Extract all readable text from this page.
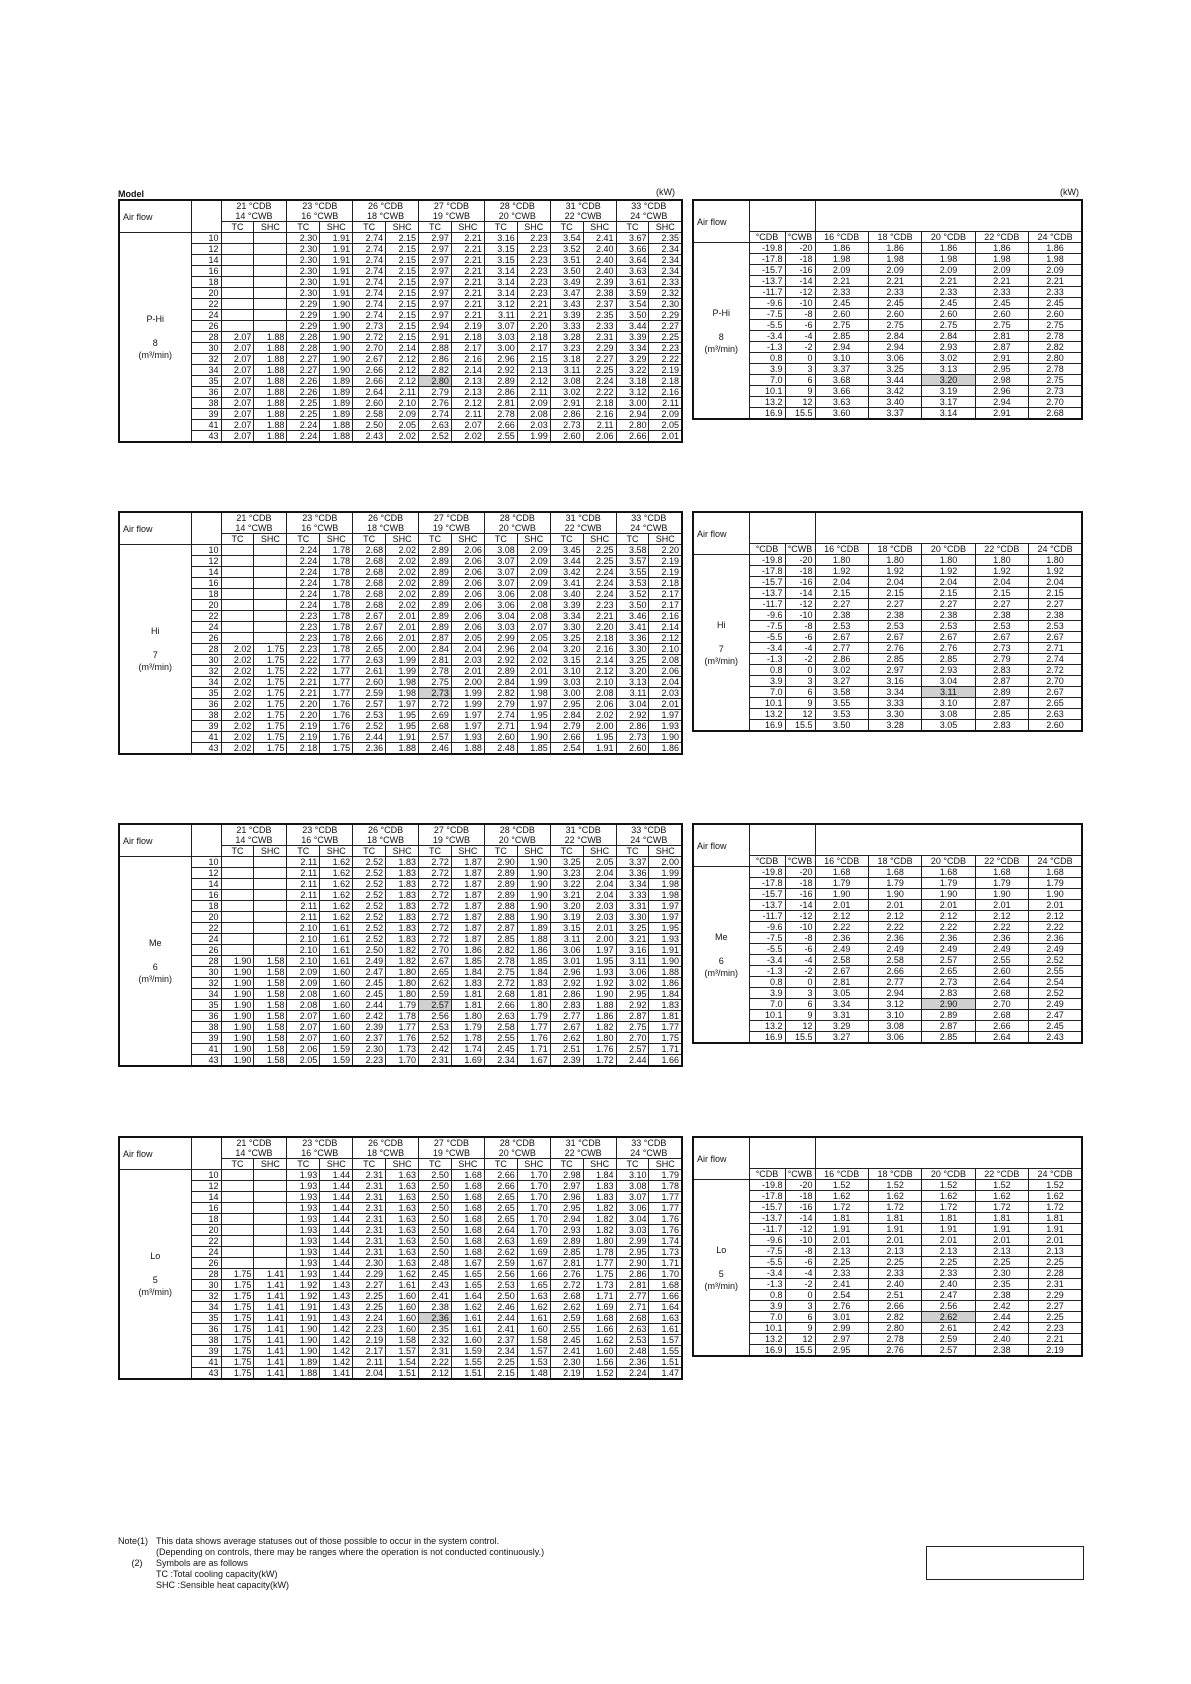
Model	(kW)	(kW)
Air flow		21 °CDB		23 °CDB		26 °CDB		27 °CDB		28 °CDB		31 °CDB		33 °CDB	
		14 °CWB		16 °CWB		18 °CWB		19 °CWB		20 °CWB		22 °CWB		24 °CWB	
		TC	SHC	TC	SHC	TC	SHC	TC	SHC	TC	SHC	TC	SHC	TC	SHC

P-Hi

8
(m³/min)	10			2.30	1.91	2.74	2.15	2.97	2.21	3.16	2.23	3.54	2.41	3.67	2.35
	12			2.30	1.91	2.74	2.15	2.97	2.21	3.15	2.23	3.52	2.40	3.66	2.34
	14			2.30	1.91	2.74	2.15	2.97	2.21	3.15	2.23	3.51	2.40	3.64	2.34
	16			2.30	1.91	2.74	2.15	2.97	2.21	3.14	2.23	3.50	2.40	3.63	2.34
	18			2.30	1.91	2.74	2.15	2.97	2.21	3.14	2.23	3.49	2.39	3.61	2.33
	20			2.30	1.91	2.74	2.15	2.97	2.21	3.14	2.23	3.47	2.38	3.59	2.32
	22			2.29	1.90	2.74	2.15	2.97	2.21	3.12	2.21	3.43	2.37	3.54	2.30
	24			2.29	1.90	2.74	2.15	2.97	2.21	3.11	2.21	3.39	2.35	3.50	2.29
	26			2.29	1.90	2.73	2.15	2.94	2.19	3.07	2.20	3.33	2.33	3.44	2.27
	28	2.07	1.88	2.28	1.90	2.72	2.15	2.91	2.18	3.03	2.18	3.28	2.31	3.39	2.25
	30	2.07	1.88	2.28	1.90	2.70	2.14	2.88	2.17	3.00	2.17	3.23	2.29	3.34	2.23
	32	2.07	1.88	2.27	1.90	2.67	2.12	2.86	2.16	2.96	2.15	3.18	2.27	3.29	2.22
	34	2.07	1.88	2.27	1.90	2.66	2.12	2.82	2.14	2.92	2.13	3.11	2.25	3.22	2.19
	35	2.07	1.88	2.26	1.89	2.66	2.12	2.80	2.13	2.89	2.12	3.08	2.24	3.18	2.18
	36	2.07	1.88	2.26	1.89	2.64	2.11	2.79	2.13	2.86	2.11	3.02	2.22	3.12	2.16
	38	2.07	1.88	2.25	1.89	2.60	2.10	2.76	2.12	2.81	2.09	2.91	2.18	3.00	2.11
	39	2.07	1.88	2.25	1.89	2.58	2.09	2.74	2.11	2.78	2.08	2.86	2.16	2.94	2.09
	41	2.07	1.88	2.24	1.88	2.50	2.05	2.63	2.07	2.66	2.03	2.73	2.11	2.80	2.05
	43	2.07	1.88	2.24	1.88	2.43	2.02	2.52	2.02	2.55	1.99	2.60	2.06	2.66	2.01
Air flow							
	°CDB	°CWB	16 °CDB	18 °CDB	20 °CDB	22 °CDB	24 °CDB

P-Hi

8
(m³/min)	-19.8	-20	1.86	1.86	1.86	1.86	1.86
	-17.8	-18	1.98	1.98	1.98	1.98	1.98
	-15.7	-16	2.09	2.09	2.09	2.09	2.09
	-13.7	-14	2.21	2.21	2.21	2.21	2.21
	-11.7	-12	2.33	2.33	2.33	2.33	2.33
	-9.6	-10	2.45	2.45	2.45	2.45	2.45
	-7.5	-8	2.60	2.60	2.60	2.60	2.60
	-5.5	-6	2.75	2.75	2.75	2.75	2.75
	-3.4	-4	2.85	2.84	2.84	2.81	2.78
	-1.3	-2	2.94	2.94	2.93	2.87	2.82
	0.8	0	3.10	3.06	3.02	2.91	2.80
	3.9	3	3.37	3.25	3.13	2.95	2.78
	7.0	6	3.68	3.44	3.20	2.98	2.75
	10.1	9	3.66	3.42	3.19	2.96	2.73
	13.2	12	3.63	3.40	3.17	2.94	2.70
	16.9	15.5	3.60	3.37	3.14	2.91	2.68
Air flow		21 °CDB		23 °CDB		26 °CDB		27 °CDB		28 °CDB		31 °CDB		33 °CDB	
		14 °CWB		16 °CWB		18 °CWB		19 °CWB		20 °CWB		22 °CWB		24 °CWB	
		TC	SHC	TC	SHC	TC	SHC	TC	SHC	TC	SHC	TC	SHC	TC	SHC

Hi

7
(m³/min)	10			2.24	1.78	2.68	2.02	2.89	2.06	3.08	2.09	3.45	2.25	3.58	2.20
	12			2.24	1.78	2.68	2.02	2.89	2.06	3.07	2.09	3.44	2.25	3.57	2.19
	14			2.24	1.78	2.68	2.02	2.89	2.06	3.07	2.09	3.42	2.24	3.55	2.19
	16			2.24	1.78	2.68	2.02	2.89	2.06	3.07	2.09	3.41	2.24	3.53	2.18
	18			2.24	1.78	2.68	2.02	2.89	2.06	3.06	2.08	3.40	2.24	3.52	2.17
	20			2.24	1.78	2.68	2.02	2.89	2.06	3.06	2.08	3.39	2.23	3.50	2.17
	22			2.23	1.78	2.67	2.01	2.89	2.06	3.04	2.08	3.34	2.21	3.46	2.16
	24			2.23	1.78	2.67	2.01	2.89	2.06	3.03	2.07	3.30	2.20	3.41	2.14
	26			2.23	1.78	2.66	2.01	2.87	2.05	2.99	2.05	3.25	2.18	3.36	2.12
	28	2.02	1.75	2.23	1.78	2.65	2.00	2.84	2.04	2.96	2.04	3.20	2.16	3.30	2.10
	30	2.02	1.75	2.22	1.77	2.63	1.99	2.81	2.03	2.92	2.02	3.15	2.14	3.25	2.08
	32	2.02	1.75	2.22	1.77	2.61	1.99	2.78	2.01	2.89	2.01	3.10	2.12	3.20	2.06
	34	2.02	1.75	2.21	1.77	2.60	1.98	2.75	2.00	2.84	1.99	3.03	2.10	3.13	2.04
	35	2.02	1.75	2.21	1.77	2.59	1.98	2.73	1.99	2.82	1.98	3.00	2.08	3.11	2.03
	36	2.02	1.75	2.20	1.76	2.57	1.97	2.72	1.99	2.79	1.97	2.95	2.06	3.04	2.01
	38	2.02	1.75	2.20	1.76	2.53	1.95	2.69	1.97	2.74	1.95	2.84	2.02	2.92	1.97
	39	2.02	1.75	2.19	1.76	2.52	1.95	2.68	1.97	2.71	1.94	2.79	2.00	2.86	1.93
	41	2.02	1.75	2.19	1.76	2.44	1.91	2.57	1.93	2.60	1.90	2.66	1.95	2.73	1.90
	43	2.02	1.75	2.18	1.75	2.36	1.88	2.46	1.88	2.48	1.85	2.54	1.91	2.60	1.86
Air flow							
	°CDB	°CWB	16 °CDB	18 °CDB	20 °CDB	22 °CDB	24 °CDB

Hi

7
(m³/min)	-19.8	-20	1.80	1.80	1.80	1.80	1.80
	-17.8	-18	1.92	1.92	1.92	1.92	1.92
	-15.7	-16	2.04	2.04	2.04	2.04	2.04
	-13.7	-14	2.15	2.15	2.15	2.15	2.15
	-11.7	-12	2.27	2.27	2.27	2.27	2.27
	-9.6	-10	2.38	2.38	2.38	2.38	2.38
	-7.5	-8	2.53	2.53	2.53	2.53	2.53
	-5.5	-6	2.67	2.67	2.67	2.67	2.67
	-3.4	-4	2.77	2.76	2.76	2.73	2.71
	-1.3	-2	2.86	2.85	2.85	2.79	2.74
	0.8	0	3.02	2.97	2.93	2.83	2.72
	3.9	3	3.27	3.16	3.04	2.87	2.70
	7.0	6	3.58	3.34	3.11	2.89	2.67
	10.1	9	3.55	3.33	3.10	2.87	2.65
	13.2	12	3.53	3.30	3.08	2.85	2.63
	16.9	15.5	3.50	3.28	3.05	2.83	2.60
Air flow		21 °CDB		23 °CDB		26 °CDB		27 °CDB		28 °CDB		31 °CDB		33 °CDB	
		14 °CWB		16 °CWB		18 °CWB		19 °CWB		20 °CWB		22 °CWB		24 °CWB	
		TC	SHC	TC	SHC	TC	SHC	TC	SHC	TC	SHC	TC	SHC	TC	SHC

Me

6
(m³/min)	10			2.11	1.62	2.52	1.83	2.72	1.87	2.90	1.90	3.25	2.05	3.37	2.00
	12			2.11	1.62	2.52	1.83	2.72	1.87	2.89	1.90	3.23	2.04	3.36	1.99
	14			2.11	1.62	2.52	1.83	2.72	1.87	2.89	1.90	3.22	2.04	3.34	1.98
	16			2.11	1.62	2.52	1.83	2.72	1.87	2.89	1.90	3.21	2.04	3.33	1.98
	18			2.11	1.62	2.52	1.83	2.72	1.87	2.88	1.90	3.20	2.03	3.31	1.97
	20			2.11	1.62	2.52	1.83	2.72	1.87	2.88	1.90	3.19	2.03	3.30	1.97
	22			2.10	1.61	2.52	1.83	2.72	1.87	2.87	1.89	3.15	2.01	3.25	1.95
	24			2.10	1.61	2.52	1.83	2.72	1.87	2.85	1.88	3.11	2.00	3.21	1.93
	26			2.10	1.61	2.50	1.82	2.70	1.86	2.82	1.86	3.06	1.97	3.16	1.91
	28	1.90	1.58	2.10	1.61	2.49	1.82	2.67	1.85	2.78	1.85	3.01	1.95	3.11	1.90
	30	1.90	1.58	2.09	1.60	2.47	1.80	2.65	1.84	2.75	1.84	2.96	1.93	3.06	1.88
	32	1.90	1.58	2.09	1.60	2.45	1.80	2.62	1.83	2.72	1.83	2.92	1.92	3.02	1.86
	34	1.90	1.58	2.08	1.60	2.45	1.80	2.59	1.81	2.68	1.81	2.86	1.90	2.95	1.84
	35	1.90	1.58	2.08	1.60	2.44	1.79	2.57	1.81	2.66	1.80	2.83	1.88	2.92	1.83
	36	1.90	1.58	2.07	1.60	2.42	1.78	2.56	1.80	2.63	1.79	2.77	1.86	2.87	1.81
	38	1.90	1.58	2.07	1.60	2.39	1.77	2.53	1.79	2.58	1.77	2.67	1.82	2.75	1.77
	39	1.90	1.58	2.07	1.60	2.37	1.76	2.52	1.78	2.55	1.76	2.62	1.80	2.70	1.75
	41	1.90	1.58	2.06	1.59	2.30	1.73	2.42	1.74	2.45	1.71	2.51	1.76	2.57	1.71
	43	1.90	1.58	2.05	1.59	2.23	1.70	2.31	1.69	2.34	1.67	2.39	1.72	2.44	1.66
Air flow							
	°CDB	°CWB	16 °CDB	18 °CDB	20 °CDB	22 °CDB	24 °CDB

Me

6
(m³/min)	-19.8	-20	1.68	1.68	1.68	1.68	1.68
	-17.8	-18	1.79	1.79	1.79	1.79	1.79
	-15.7	-16	1.90	1.90	1.90	1.90	1.90
	-13.7	-14	2.01	2.01	2.01	2.01	2.01
	-11.7	-12	2.12	2.12	2.12	2.12	2.12
	-9.6	-10	2.22	2.22	2.22	2.22	2.22
	-7.5	-8	2.36	2.36	2.36	2.36	2.36
	-5.5	-6	2.49	2.49	2.49	2.49	2.49
	-3.4	-4	2.58	2.58	2.57	2.55	2.52
	-1.3	-2	2.67	2.66	2.65	2.60	2.55
	0.8	0	2.81	2.77	2.73	2.64	2.54
	3.9	3	3.05	2.94	2.83	2.68	2.52
	7.0	6	3.34	3.12	2.90	2.70	2.49
	10.1	9	3.31	3.10	2.89	2.68	2.47
	13.2	12	3.29	3.08	2.87	2.66	2.45
	16.9	15.5	3.27	3.06	2.85	2.64	2.43
Air flow		21 °CDB		23 °CDB		26 °CDB		27 °CDB		28 °CDB		31 °CDB		33 °CDB	
		14 °CWB		16 °CWB		18 °CWB		19 °CWB		20 °CWB		22 °CWB		24 °CWB	
		TC	SHC	TC	SHC	TC	SHC	TC	SHC	TC	SHC	TC	SHC	TC	SHC

Lo

5
(m³/min)	10			1.93	1.44	2.31	1.63	2.50	1.68	2.66	1.70	2.98	1.84	3.10	1.79
	12			1.93	1.44	2.31	1.63	2.50	1.68	2.66	1.70	2.97	1.83	3.08	1.78
	14			1.93	1.44	2.31	1.63	2.50	1.68	2.65	1.70	2.96	1.83	3.07	1.77
	16			1.93	1.44	2.31	1.63	2.50	1.68	2.65	1.70	2.95	1.82	3.06	1.77
	18			1.93	1.44	2.31	1.63	2.50	1.68	2.65	1.70	2.94	1.82	3.04	1.76
	20			1.93	1.44	2.31	1.63	2.50	1.68	2.64	1.70	2.93	1.82	3.03	1.76
	22			1.93	1.44	2.31	1.63	2.50	1.68	2.63	1.69	2.89	1.80	2.99	1.74
	24			1.93	1.44	2.31	1.63	2.50	1.68	2.62	1.69	2.85	1.78	2.95	1.73
	26			1.93	1.44	2.30	1.63	2.48	1.67	2.59	1.67	2.81	1.77	2.90	1.71
	28	1.75	1.41	1.93	1.44	2.29	1.62	2.45	1.65	2.56	1.66	2.76	1.75	2.86	1.70
	30	1.75	1.41	1.92	1.43	2.27	1.61	2.43	1.65	2.53	1.65	2.72	1.73	2.81	1.68
	32	1.75	1.41	1.92	1.43	2.25	1.60	2.41	1.64	2.50	1.63	2.68	1.71	2.77	1.66
	34	1.75	1.41	1.91	1.43	2.25	1.60	2.38	1.62	2.46	1.62	2.62	1.69	2.71	1.64
	35	1.75	1.41	1.91	1.43	2.24	1.60	2.36	1.61	2.44	1.61	2.59	1.68	2.68	1.63
	36	1.75	1.41	1.90	1.42	2.23	1.60	2.35	1.61	2.41	1.60	2.55	1.66	2.63	1.61
	38	1.75	1.41	1.90	1.42	2.19	1.58	2.32	1.60	2.37	1.58	2.45	1.62	2.53	1.57
	39	1.75	1.41	1.90	1.42	2.17	1.57	2.31	1.59	2.34	1.57	2.41	1.60	2.48	1.55
	41	1.75	1.41	1.89	1.42	2.11	1.54	2.22	1.55	2.25	1.53	2.30	1.56	2.36	1.51
	43	1.75	1.41	1.88	1.41	2.04	1.51	2.12	1.51	2.15	1.48	2.19	1.52	2.24	1.47
Air flow							
	°CDB	°CWB	16 °CDB	18 °CDB	20 °CDB	22 °CDB	24 °CDB

Lo

5
(m³/min)	-19.8	-20	1.52	1.52	1.52	1.52	1.52
	-17.8	-18	1.62	1.62	1.62	1.62	1.62
	-15.7	-16	1.72	1.72	1.72	1.72	1.72
	-13.7	-14	1.81	1.81	1.81	1.81	1.81
	-11.7	-12	1.91	1.91	1.91	1.91	1.91
	-9.6	-10	2.01	2.01	2.01	2.01	2.01
	-7.5	-8	2.13	2.13	2.13	2.13	2.13
	-5.5	-6	2.25	2.25	2.25	2.25	2.25
	-3.4	-4	2.33	2.33	2.33	2.30	2.28
	-1.3	-2	2.41	2.40	2.40	2.35	2.31
	0.8	0	2.54	2.51	2.47	2.38	2.29
	3.9	3	2.76	2.66	2.56	2.42	2.27
	7.0	6	3.01	2.82	2.62	2.44	2.25
	10.1	9	2.99	2.80	2.61	2.42	2.23
	13.2	12	2.97	2.78	2.59	2.40	2.21
	16.9	15.5	2.95	2.76	2.57	2.38	2.19
Note(1) This data shows average statuses out of those possible to occur in the system control.
(Depending on controls, there may be ranges where the operation is not conducted continuously.)
(2)	Symbols are as follows
TC :Total cooling capacity(kW)
SHC :Sensible heat capacity(kW)
